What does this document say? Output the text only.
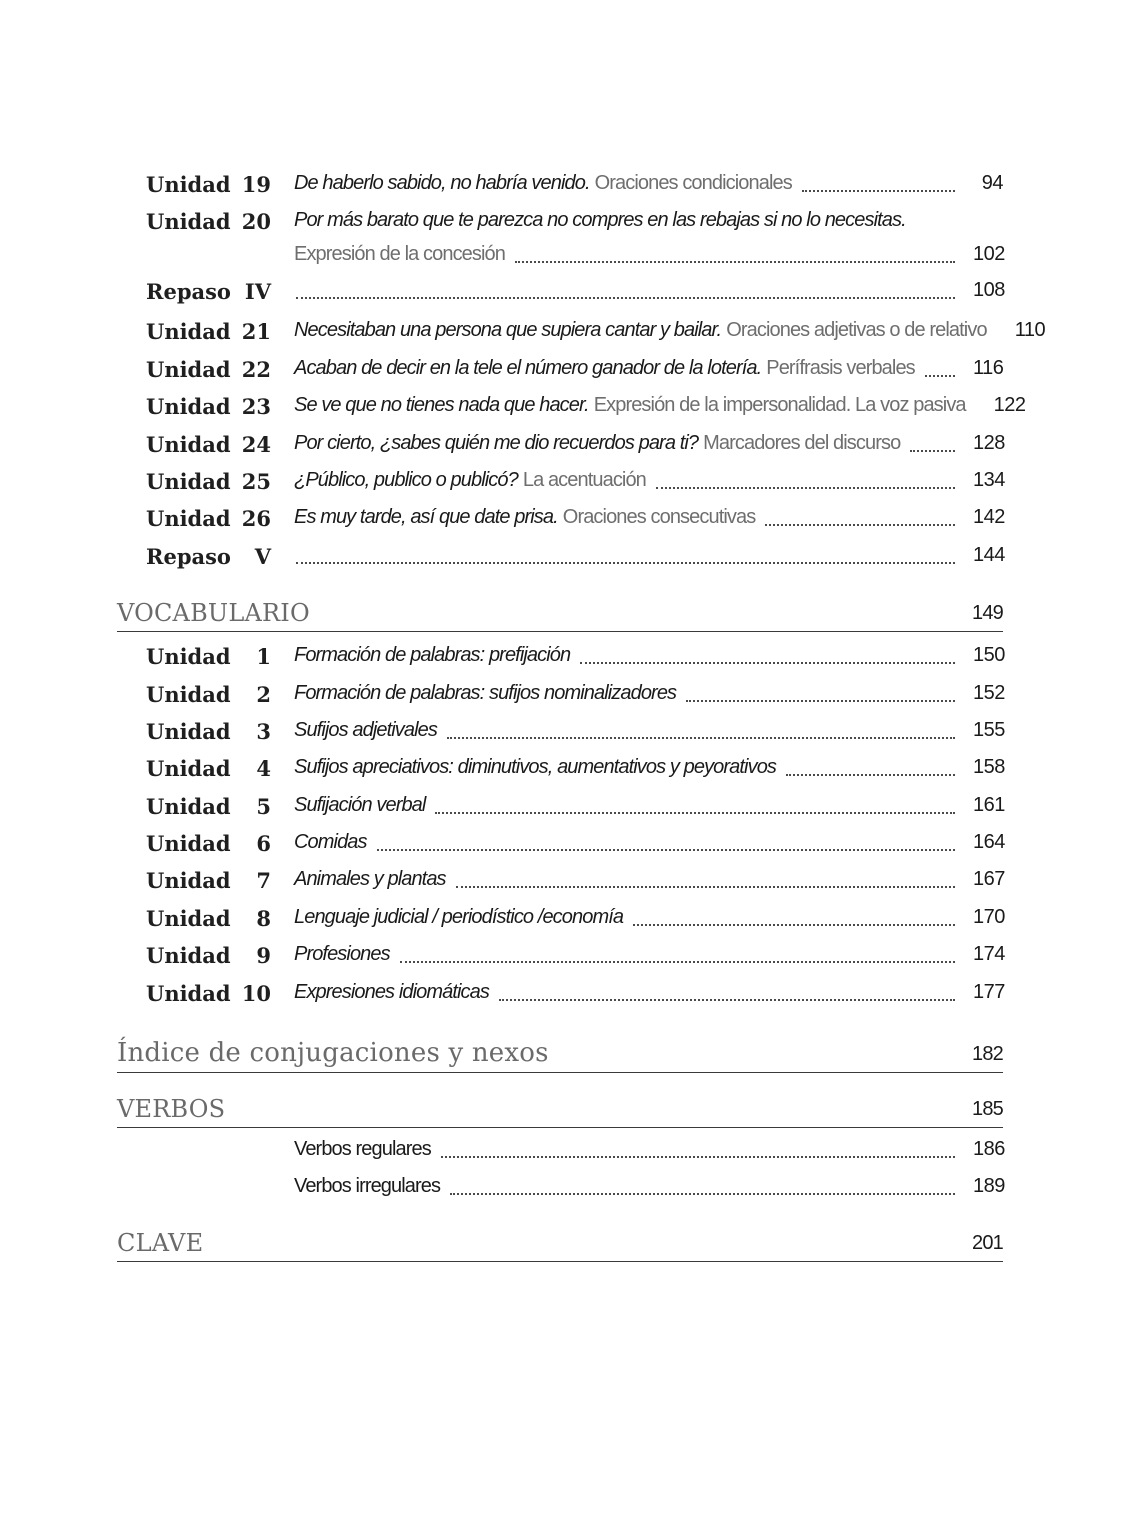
Unidad 19 De haberlo sabido, no habría venido. Oraciones condicionales	94
Unidad 20 Por más barato que te parezca no compres en las rebajas si no lo necesitas.
Expresión de la concesión	102
Repaso IV	108
Unidad 21 Necesitaban una persona que supiera cantar y bailar. Oraciones adjetivas o de relativo 110
Unidad 22 Acaban de decir en la tele el número ganador de la lotería. Perífrasis verbales	116
Unidad 23 Se ve que no tienes nada que hacer. Expresión de la impersonalidad. La voz pasiva 122
Unidad 24 Por cierto, ¿sabes quién me dio recuerdos para ti? Marcadores del discurso	128
Unidad 25 ¿Público, publico o publicó? La acentuación	134
Unidad 26 Es muy tarde, así que date prisa. Oraciones consecutivas	142
Repaso V	144
VOCABULARIO	149
Unidad 1 Formación de palabras: prefijación	150
Unidad 2 Formación de palabras: sufijos nominalizadores	152
Unidad 3 Sufijos adjetivales	155
Unidad 4 Sufijos apreciativos: diminutivos, aumentativos y peyorativos	158
Unidad 5 Sufijación verbal	161
Unidad 6 Comidas	164
Unidad 7 Animales y plantas	167
Unidad 8 Lenguaje judicial / periodístico /economía	170
Unidad 9 Profesiones	174
Unidad 10 Expresiones idiomáticas	177
Índice de conjugaciones y nexos	182
VERBOS	185
Verbos regulares	186
Verbos irregulares	189
CLAVE	201
